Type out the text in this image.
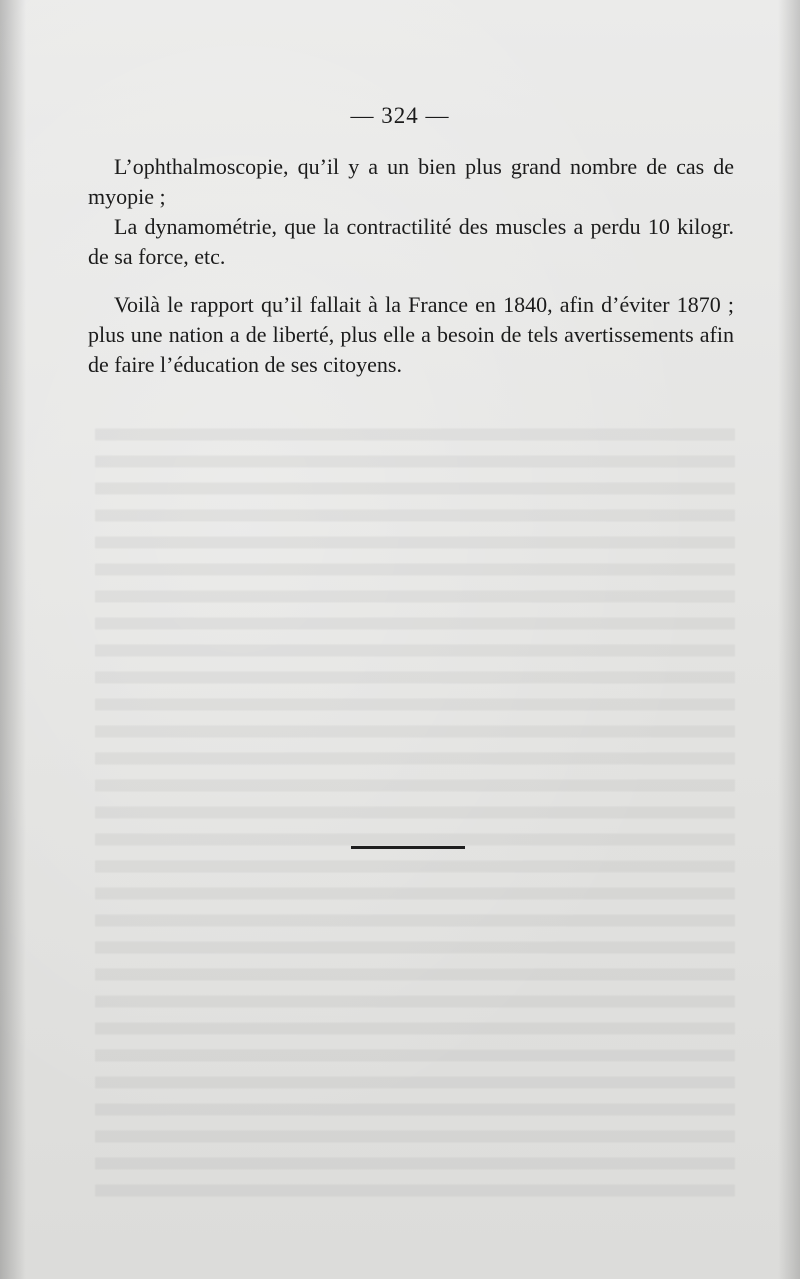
— 324 —

L’ophthalmoscopie, qu’il y a un bien plus grand nombre de cas de myopie ;

La dynamométrie, que la contractilité des muscles a perdu 10 kilogr. de sa force, etc.

Voilà le rapport qu’il fallait à la France en 1840, afin d’éviter 1870 ; plus une nation a de liberté, plus elle a besoin de tels avertissements afin de faire l’éducation de ses citoyens.
